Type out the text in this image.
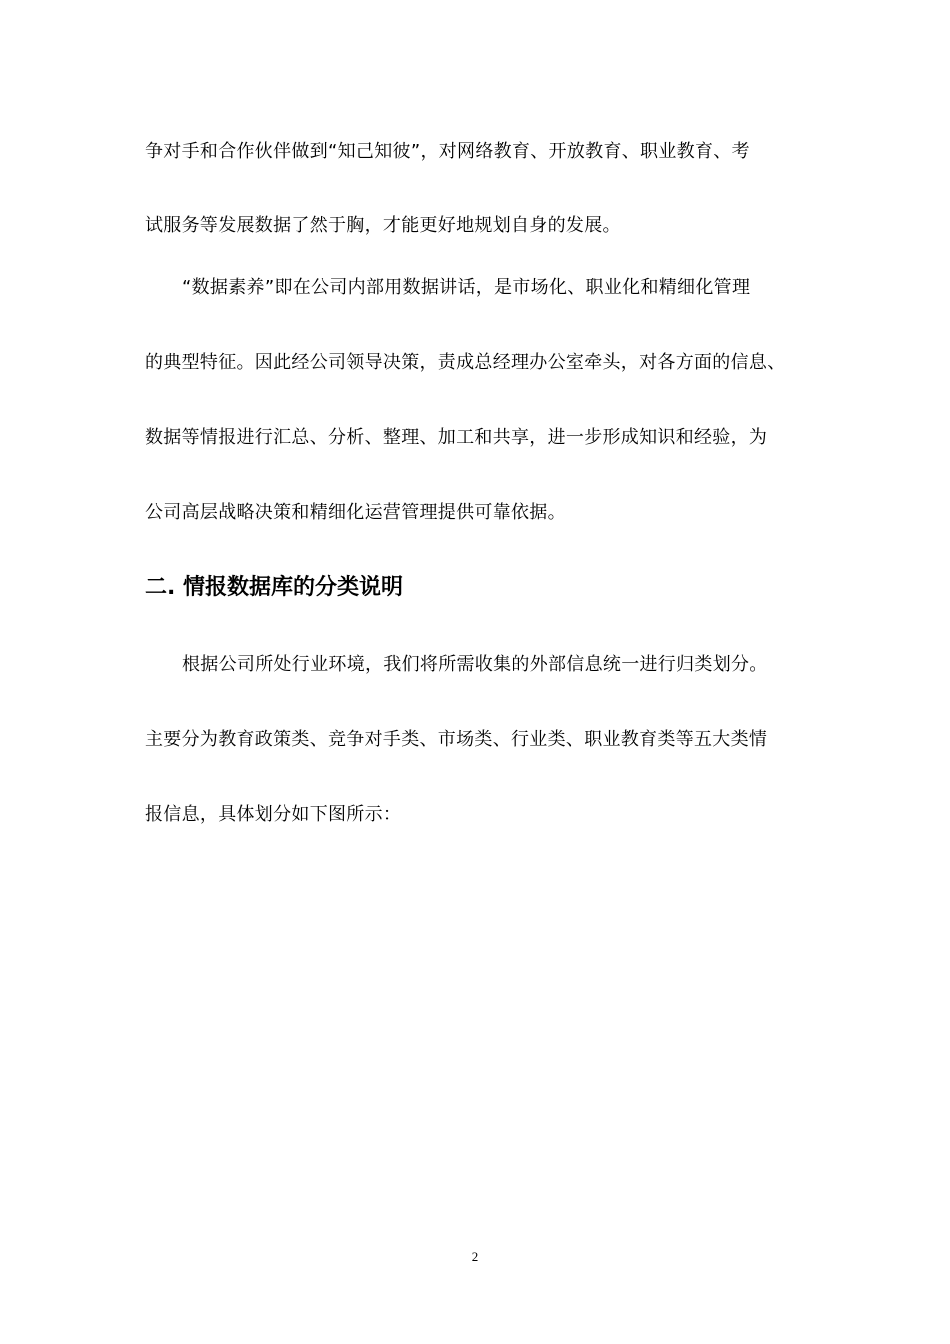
争对手和合作伙伴做到“知己知彼”，对网络教育、开放教育、职业教育、考
试服务等发展数据了然于胸，才能更好地规划自身的发展。
“数据素养”即在公司内部用数据讲话，是市场化、职业化和精细化管理
的典型特征。因此经公司领导决策，责成总经理办公室牵头，对各方面的信息、
数据等情报进行汇总、分析、整理、加工和共享，进一步形成知识和经验，为
公司高层战略决策和精细化运营管理提供可靠依据。
二. 情报数据库的分类说明
根据公司所处行业环境，我们将所需收集的外部信息统一进行归类划分。
主要分为教育政策类、竞争对手类、市场类、行业类、职业教育类等五大类情
报信息，具体划分如下图所示：
2
